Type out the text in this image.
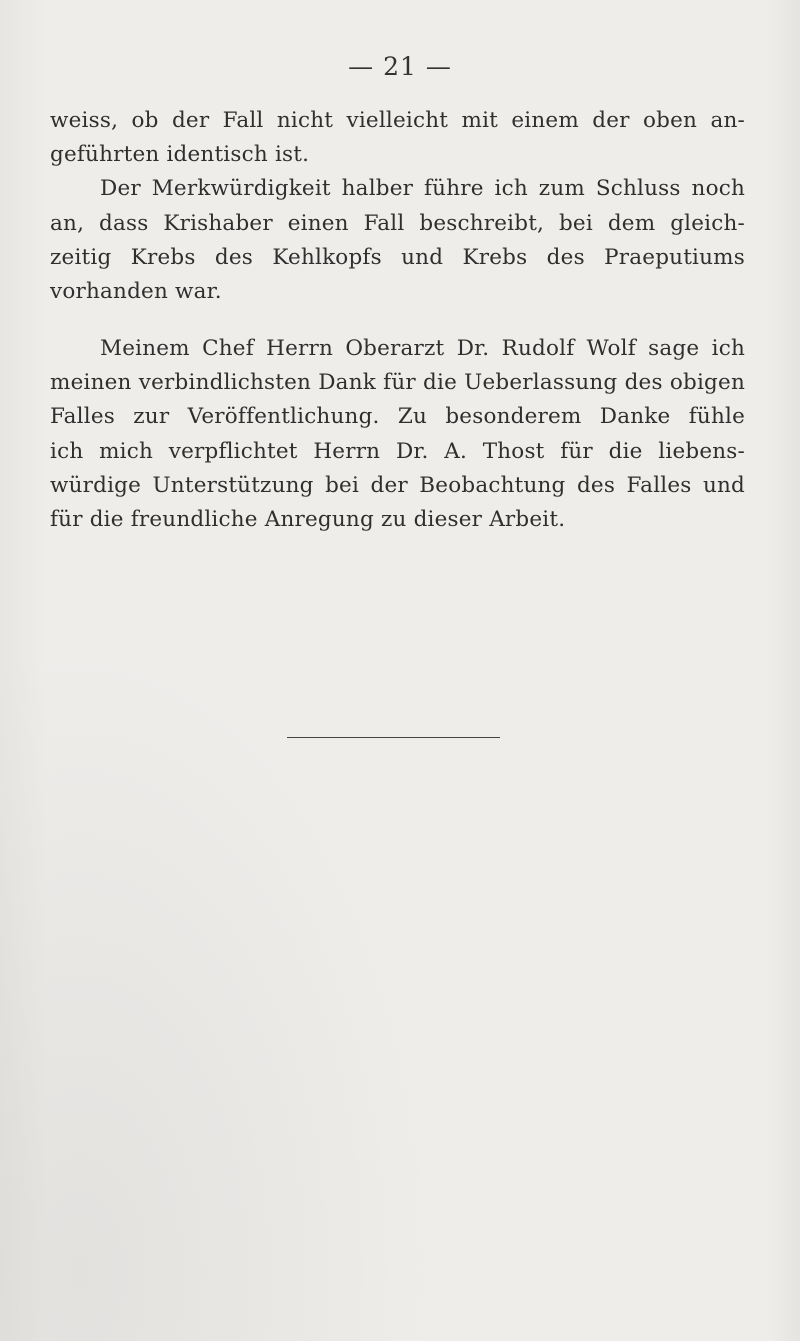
— 21 —
weiss, ob der Fall nicht vielleicht mit einem der oben an-
geführten identisch ist.
Der Merkwürdigkeit halber führe ich zum Schluss noch
an, dass Krishaber einen Fall beschreibt, bei dem gleich-
zeitig Krebs des Kehlkopfs und Krebs des Praeputiums
vorhanden war.
Meinem Chef Herrn Oberarzt Dr. Rudolf Wolf sage ich
meinen verbindlichsten Dank für die Ueberlassung des obigen
Falles zur Veröffentlichung. Zu besonderem Danke fühle
ich mich verpflichtet Herrn Dr. A. Thost für die liebens-
würdige Unterstützung bei der Beobachtung des Falles und
für die freundliche Anregung zu dieser Arbeit.
